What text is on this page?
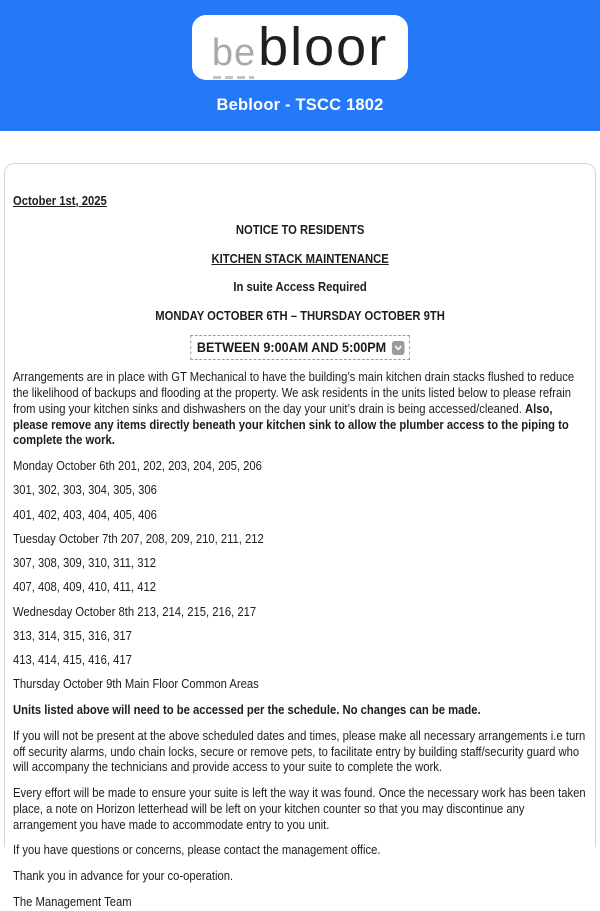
be bloor
Bebloor - TSCC 1802

October 1st, 2025

NOTICE TO RESIDENTS

KITCHEN STACK MAINTENANCE

In suite Access Required

MONDAY OCTOBER 6TH – THURSDAY OCTOBER 9TH

BETWEEN 9:00AM AND 5:00PM

Arrangements are in place with GT Mechanical to have the building’s main kitchen drain stacks flushed to reduce the likelihood of backups and flooding at the property. We ask residents in the units listed below to please refrain from using your kitchen sinks and dishwashers on the day your unit’s drain is being accessed/cleaned. Also, please remove any items directly beneath your kitchen sink to allow the plumber access to the piping to complete the work.

Monday October 6th 201, 202, 203, 204, 205, 206

301, 302, 303, 304, 305, 306

401, 402, 403, 404, 405, 406

Tuesday October 7th 207, 208, 209, 210, 211, 212

307, 308, 309, 310, 311, 312

407, 408, 409, 410, 411, 412

Wednesday October 8th 213, 214, 215, 216, 217

313, 314, 315, 316, 317

413, 414, 415, 416, 417

Thursday October 9th Main Floor Common Areas

Units listed above will need to be accessed per the schedule. No changes can be made.

If you will not be present at the above scheduled dates and times, please make all necessary arrangements i.e turn off security alarms, undo chain locks, secure or remove pets, to facilitate entry by building staff/security guard who will accompany the technicians and provide access to your suite to complete the work.

Every effort will be made to ensure your suite is left the way it was found. Once the necessary work has been taken place, a note on Horizon letterhead will be left on your kitchen counter so that you may discontinue any arrangement you have made to accommodate entry to you unit.

If you have questions or concerns, please contact the management office.

Thank you in advance for your co-operation.

The Management Team
